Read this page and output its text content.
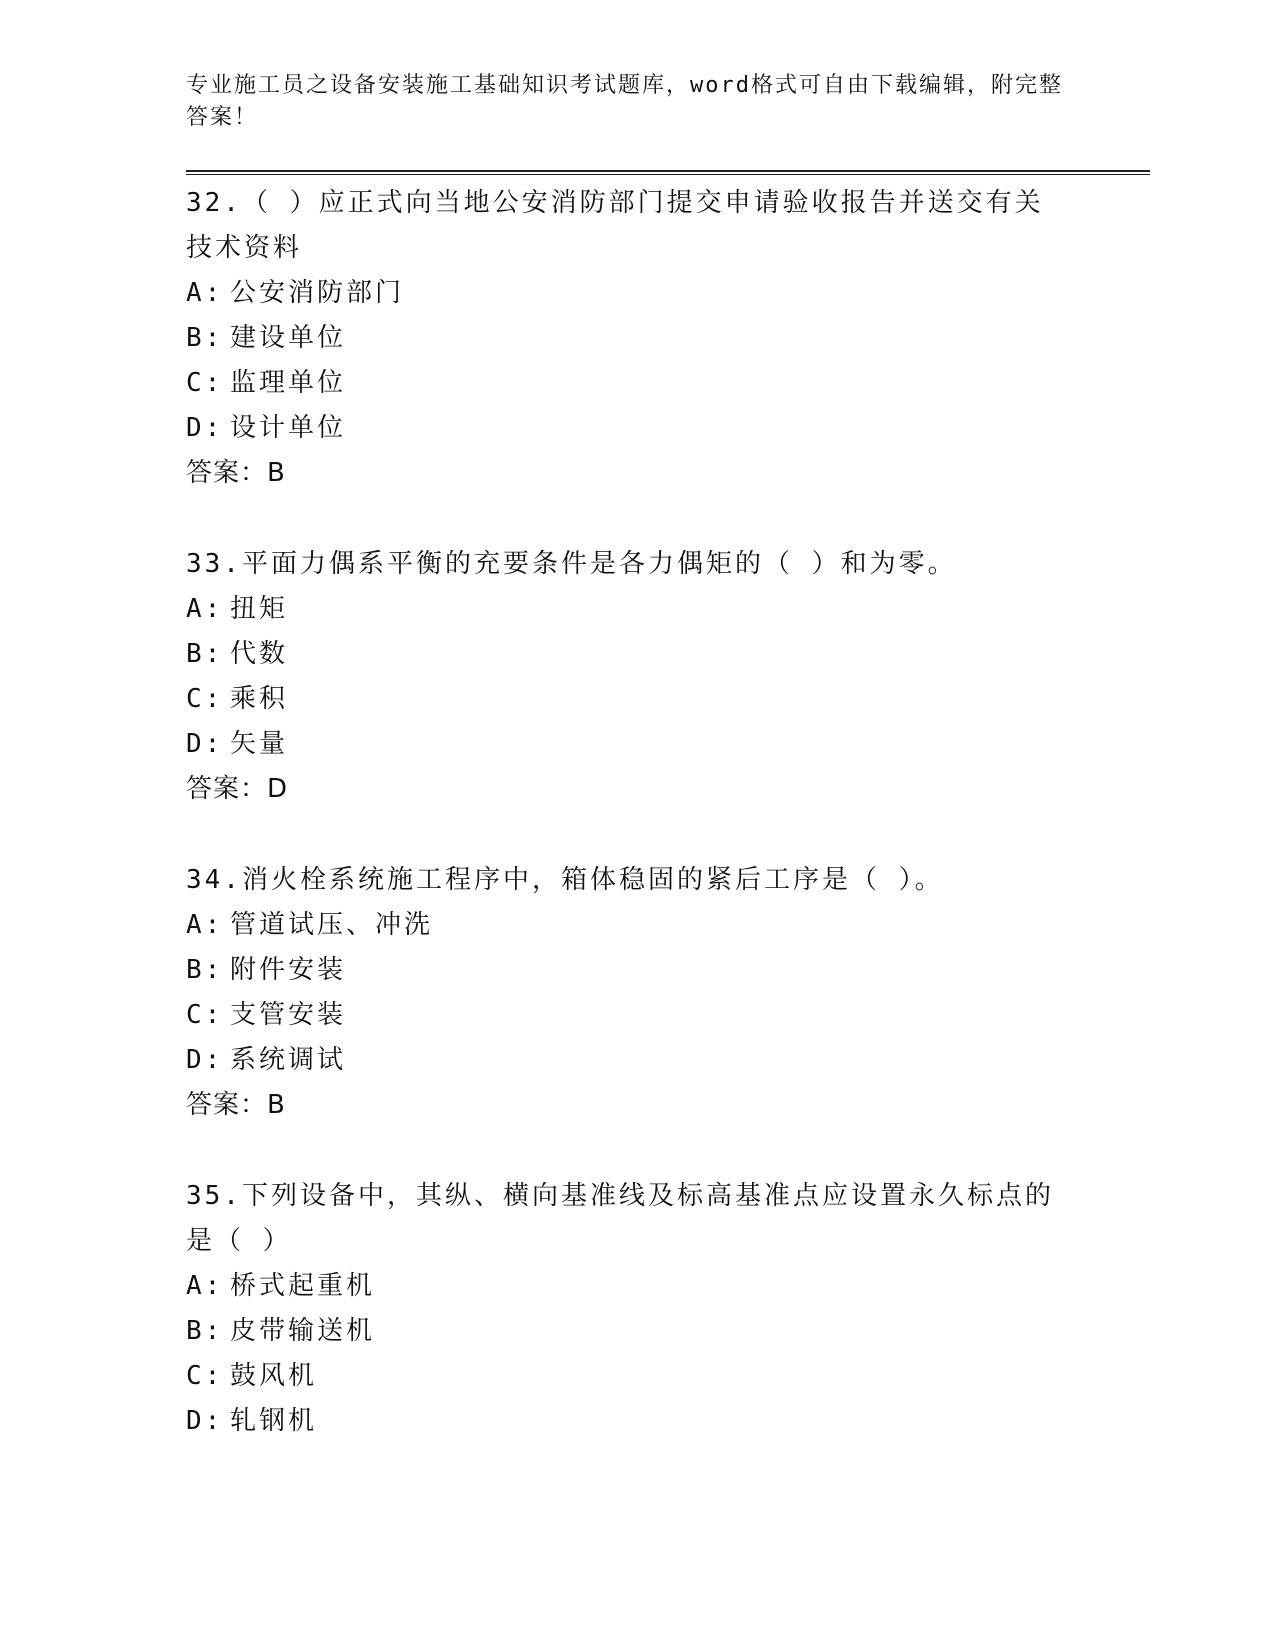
专业施工员之设备安装施工基础知识考试题库，word格式可自由下载编辑，附完整答案！

32.（ ）应正式向当地公安消防部门提交申请验收报告并送交有关技术资料

A: 公安消防部门

B: 建设单位

C: 监理单位

D: 设计单位

答案：B

33.平面力偶系平衡的充要条件是各力偶矩的（ ）和为零。

A: 扭矩

B: 代数

C: 乘积

D: 矢量

答案：D

34.消火栓系统施工程序中，箱体稳固的紧后工序是（ ）。

A: 管道试压、冲洗

B: 附件安装

C: 支管安装

D: 系统调试

答案：B

35.下列设备中，其纵、横向基准线及标高基准点应设置永久标点的是（ ）

A: 桥式起重机

B: 皮带输送机

C: 鼓风机

D: 轧钢机
